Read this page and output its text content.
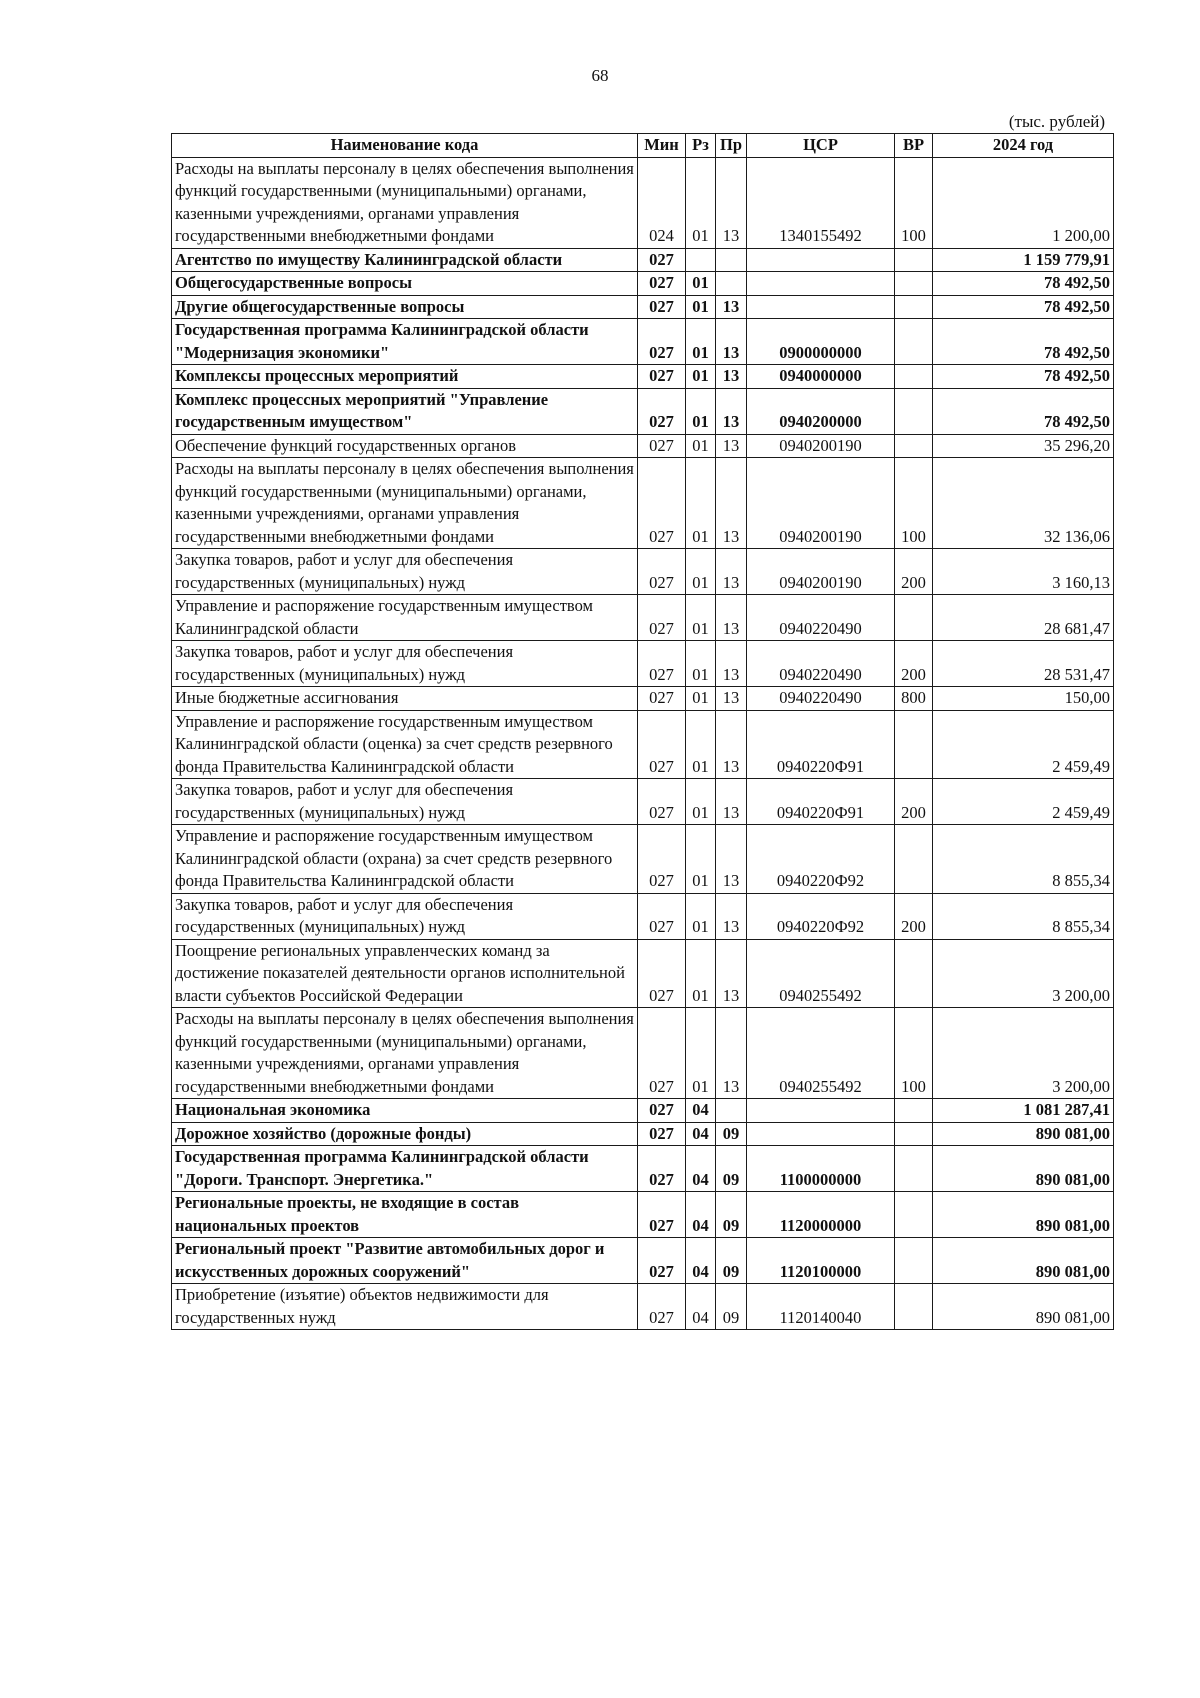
68
(тыс. рублей)
Наименование кода	Мин	Рз	Пр	ЦСР	ВР	2024 год
Расходы на выплаты персоналу в целях обеспечения выполнения функций государственными (муниципальными) органами, казенными учреждениями, органами управления государственными внебюджетными фондами	024	01	13	1340155492	100	1 200,00
Агентство по имуществу Калининградской области	027					1 159 779,91
Общегосударственные вопросы	027	01				78 492,50
Другие общегосударственные вопросы	027	01	13			78 492,50
Государственная программа Калининградской области "Модернизация экономики"	027	01	13	0900000000		78 492,50
Комплексы процессных мероприятий	027	01	13	0940000000		78 492,50
Комплекс процессных мероприятий "Управление государственным имуществом"	027	01	13	0940200000		78 492,50
Обеспечение функций государственных органов	027	01	13	0940200190		35 296,20
Расходы на выплаты персоналу в целях обеспечения выполнения функций государственными (муниципальными) органами, казенными учреждениями, органами управления государственными внебюджетными фондами	027	01	13	0940200190	100	32 136,06
Закупка товаров, работ и услуг для обеспечения государственных (муниципальных) нужд	027	01	13	0940200190	200	3 160,13
Управление и распоряжение государственным имуществом Калининградской области	027	01	13	0940220490		28 681,47
Закупка товаров, работ и услуг для обеспечения государственных (муниципальных) нужд	027	01	13	0940220490	200	28 531,47
Иные бюджетные ассигнования	027	01	13	0940220490	800	150,00
Управление и распоряжение государственным имуществом Калининградской области (оценка) за счет средств резервного фонда Правительства Калининградской области	027	01	13	0940220Ф91		2 459,49
Закупка товаров, работ и услуг для обеспечения государственных (муниципальных) нужд	027	01	13	0940220Ф91	200	2 459,49
Управление и распоряжение государственным имуществом Калининградской области (охрана) за счет средств резервного фонда Правительства Калининградской области	027	01	13	0940220Ф92		8 855,34
Закупка товаров, работ и услуг для обеспечения государственных (муниципальных) нужд	027	01	13	0940220Ф92	200	8 855,34
Поощрение региональных управленческих команд за достижение показателей деятельности органов исполнительной власти субъектов Российской Федерации	027	01	13	0940255492		3 200,00
Расходы на выплаты персоналу в целях обеспечения выполнения функций государственными (муниципальными) органами, казенными учреждениями, органами управления государственными внебюджетными фондами	027	01	13	0940255492	100	3 200,00
Национальная экономика	027	04				1 081 287,41
Дорожное хозяйство (дорожные фонды)	027	04	09			890 081,00
Государственная программа Калининградской области "Дороги. Транспорт. Энергетика."	027	04	09	1100000000		890 081,00
Региональные проекты, не входящие в состав национальных проектов	027	04	09	1120000000		890 081,00
Региональный проект "Развитие автомобильных дорог и искусственных дорожных сооружений"	027	04	09	1120100000		890 081,00
Приобретение (изъятие) объектов недвижимости для государственных нужд	027	04	09	1120140040		890 081,00
